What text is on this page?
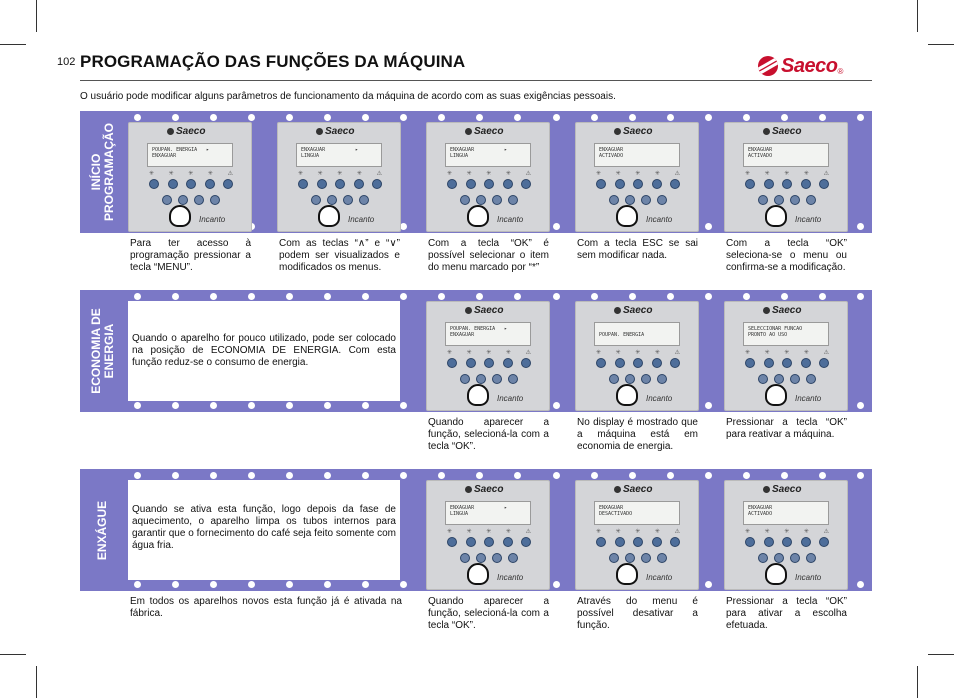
102 PROGRAMAÇÃO DAS FUNÇÕES DA MÁQUINA	Saeco ®
O usuário pode modificar alguns parâmetros de funcionamento da máquina de acordo com as suas exigências pessoais.
INÍCIO
PROGRAMAÇÃO
ECONOMIA DE
ENERGIA
ENXÁGUE
Quando o aparelho for pouco utilizado, pode ser colocado na posição de ECONOMIA DE ENERGIA. Com esta função reduz-se o consumo de energia.
Quando se ativa esta função, logo depois da fase de aquecimento, o aparelho limpa os tubos internos para garantir que o fornecimento do café seja feito somente com água fria.
Saeco
POUPAN. ENERGIA   ▸
ENXAGUAR
✳ ✳ ✳ ✳ ⚠
Incanto
Para ter acesso à programação pressionar a tecla “MENU”.
Saeco
ENXAGUAR          ▸
LINGUA
✳ ✳ ✳ ✳ ⚠
Incanto
Com as teclas “∧” e “∨” podem ser visualizados e modificados os menus.
Saeco
ENXAGUAR          ▸
LINGUA
✳ ✳ ✳ ✳ ⚠
Incanto
Com a tecla “OK” é possível selecionar o item do menu marcado por “*”
Saeco
ENXAGUAR
ACTIVADO
✳ ✳ ✳ ✳ ⚠
Incanto
Com a tecla ESC se sai sem modificar nada.
Saeco
ENXAGUAR
ACTIVADO
✳ ✳ ✳ ✳ ⚠
Incanto
Com a tecla “OK” seleciona-se o menu ou confirma-se a modificação.
Saeco
POUPAN. ENERGIA   ▸
ENXAGUAR
✳ ✳ ✳ ✳ ⚠
Incanto
Quando aparecer a função, selecioná-la com a tecla “OK”.
Saeco

POUPAN. ENERGIA
✳ ✳ ✳ ✳ ⚠
Incanto
No display é mostrado que a máquina está em economia de energia.
Saeco
SELECCIONAR FUNCAO
PRONTO AO USO
✳ ✳ ✳ ✳ ⚠
Incanto
Pressionar a tecla “OK” para reativar a máquina.
Saeco
ENXAGUAR          ▸
LINGUA
✳ ✳ ✳ ✳ ⚠
Incanto
Quando aparecer a função, selecioná-la com a tecla “OK”.
Saeco
ENXAGUAR
DESACTIVADO
✳ ✳ ✳ ✳ ⚠
Incanto
Através do menu é possível desativar a função.
Saeco
ENXAGUAR
ACTIVADO
✳ ✳ ✳ ✳ ⚠
Incanto
Pressionar a tecla “OK” para ativar a escolha efetuada.
Em todos os aparelhos novos esta função já é ativada na fábrica.
